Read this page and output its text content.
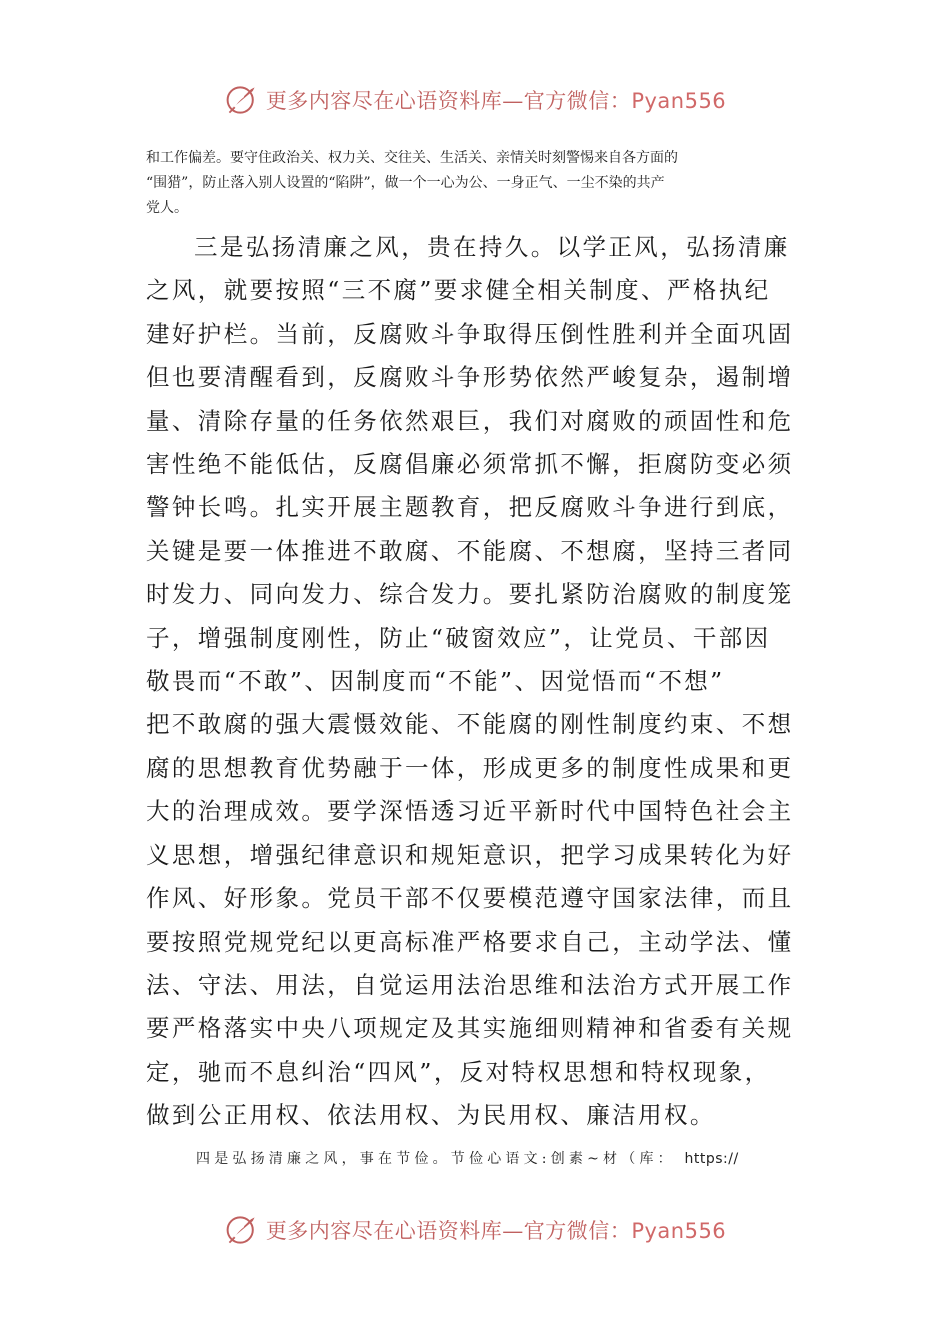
更多内容尽在心语资料库—官方微信：Pyan556
和工作偏差。要守住政治关、权力关、交往关、生活关、亲情关时刻警惕来自各方面的
“围猎”，防止落入别人设置的“陷阱”，做一个一心为公、一身正气、一尘不染的共产
党人。
三是弘扬清廉之风，贵在持久。以学正风，弘扬清廉
之风，就要按照“三不腐”要求健全相关制度、严格执纪
建好护栏。当前，反腐败斗争取得压倒性胜利并全面巩固
但也要清醒看到，反腐败斗争形势依然严峻复杂，遏制增
量、清除存量的任务依然艰巨，我们对腐败的顽固性和危
害性绝不能低估，反腐倡廉必须常抓不懈，拒腐防变必须
警钟长鸣。扎实开展主题教育，把反腐败斗争进行到底，
关键是要一体推进不敢腐、不能腐、不想腐，坚持三者同
时发力、同向发力、综合发力。要扎紧防治腐败的制度笼
子，增强制度刚性，防止“破窗效应”，让党员、干部因
敬畏而“不敢”、因制度而“不能”、因觉悟而“不想”
把不敢腐的强大震慑效能、不能腐的刚性制度约束、不想
腐的思想教育优势融于一体，形成更多的制度性成果和更
大的治理成效。要学深悟透习近平新时代中国特色社会主
义思想，增强纪律意识和规矩意识，把学习成果转化为好
作风、好形象。党员干部不仅要模范遵守国家法律，而且
要按照党规党纪以更高标准严格要求自己，主动学法、懂
法、守法、用法，自觉运用法治思维和法治方式开展工作
要严格落实中央八项规定及其实施细则精神和省委有关规
定，驰而不息纠治“四风”，反对特权思想和特权现象，
做到公正用权、依法用权、为民用权、廉洁用权。
四是弘扬清廉之风，事在节俭。节俭心语文:创素~材（库： https://
更多内容尽在心语资料库—官方微信：Pyan556
